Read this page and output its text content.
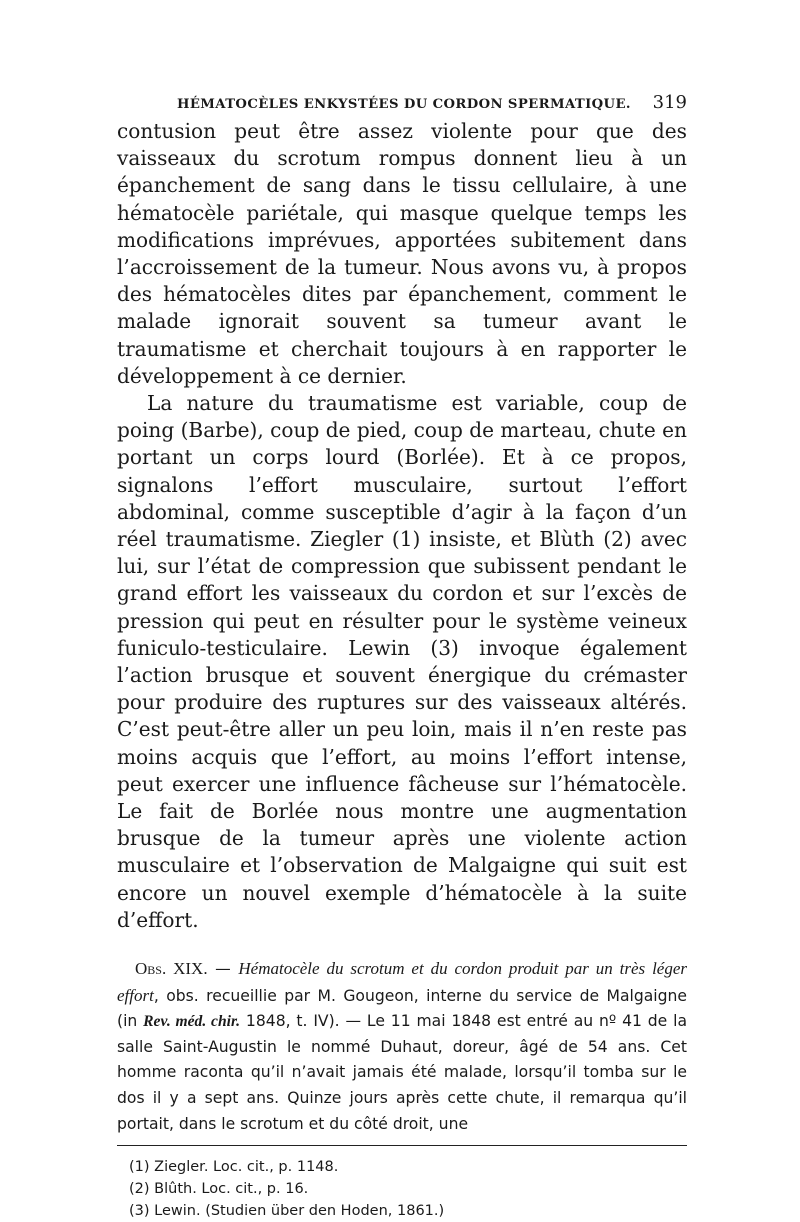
HÉMATOCÈLES ENKYSTÉES DU CORDON SPERMATIQUE. 319

contusion peut être assez violente pour que des vaisseaux du scrotum rompus donnent lieu à un épanchement de sang dans le tissu cellulaire, à une hématocèle pariétale, qui masque quelque temps les modifications imprévues, apportées subitement dans l’accroissement de la tumeur. Nous avons vu, à propos des hématocèles dites par épanchement, comment le malade ignorait souvent sa tumeur avant le traumatisme et cherchait toujours à en rapporter le développement à ce dernier.

La nature du traumatisme est variable, coup de poing (Barbe), coup de pied, coup de marteau, chute en portant un corps lourd (Borlée). Et à ce propos, signalons l’effort musculaire, surtout l’effort abdominal, comme susceptible d’agir à la façon d’un réel traumatisme. Ziegler (1) insiste, et Blùth (2) avec lui, sur l’état de compression que subissent pendant le grand effort les vaisseaux du cordon et sur l’excès de pression qui peut en résulter pour le système veineux funiculo-testiculaire. Lewin (3) invoque également l’action brusque et souvent énergique du crémaster pour produire des ruptures sur des vaisseaux altérés. C’est peut-être aller un peu loin, mais il n’en reste pas moins acquis que l’effort, au moins l’effort intense, peut exercer une influence fâcheuse sur l’hématocèle. Le fait de Borlée nous montre une augmentation brusque de la tumeur après une violente action musculaire et l’observation de Malgaigne qui suit est encore un nouvel exemple d’hématocèle à la suite d’effort.

Obs. XIX. — Hématocèle du scrotum et du cordon produit par un très léger effort, obs. recueillie par M. Gougeon, interne du service de Malgaigne (in Rev. méd. chir. 1848, t. IV). — Le 11 mai 1848 est entré au nº 41 de la salle Saint-Augustin le nommé Duhaut, doreur, âgé de 54 ans. Cet homme raconta qu’il n’avait jamais été malade, lorsqu’il tomba sur le dos il y a sept ans. Quinze jours après cette chute, il remarqua qu’il portait, dans le scrotum et du côté droit, une

(1) Ziegler. Loc. cit., p. 1148.
(2) Blûth. Loc. cit., p. 16.
(3) Lewin. (Studien über den Hoden, 1861.)
